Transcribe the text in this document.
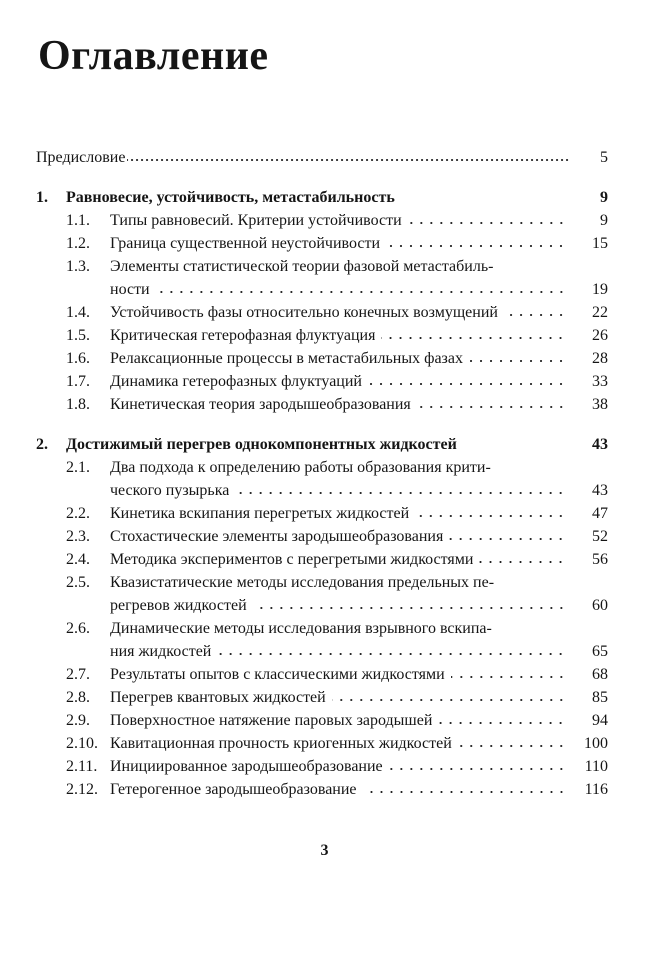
Оглавление
Предисловие	5
1.	Равновесие, устойчивость, метастабильность	9
1.1.	Типы равновесий. Критерии устойчивости	9
1.2.	Граница существенной неустойчивости	15
1.3.	Элементы статистической теории фазовой метастабиль-
ности	19
1.4.	Устойчивость фазы относительно конечных возмущений	22
1.5.	Критическая гетерофазная флуктуация	26
1.6.	Релаксационные процессы в метастабильных фазах	28
1.7.	Динамика гетерофазных флуктуаций	33
1.8.	Кинетическая теория зародышеобразования	38
2.	Достижимый перегрев однокомпонентных жидкостей	43
2.1.	Два подхода к определению работы образования крити-
ческого пузырька	43
2.2.	Кинетика вскипания перегретых жидкостей	47
2.3.	Стохастические элементы зародышеобразования	52
2.4.	Методика экспериментов с перегретыми жидкостями	56
2.5.	Квазистатические методы исследования предельных пе-
регревов жидкостей	60
2.6.	Динамические методы исследования взрывного вскипа-
ния жидкостей	65
2.7.	Результаты опытов с классическими жидкостями	68
2.8.	Перегрев квантовых жидкостей	85
2.9.	Поверхностное натяжение паровых зародышей	94
2.10. Кавитационная прочность криогенных жидкостей	100
2.11. Инициированное зародышеобразование	110
2.12. Гетерогенное зародышеобразование	116
3
